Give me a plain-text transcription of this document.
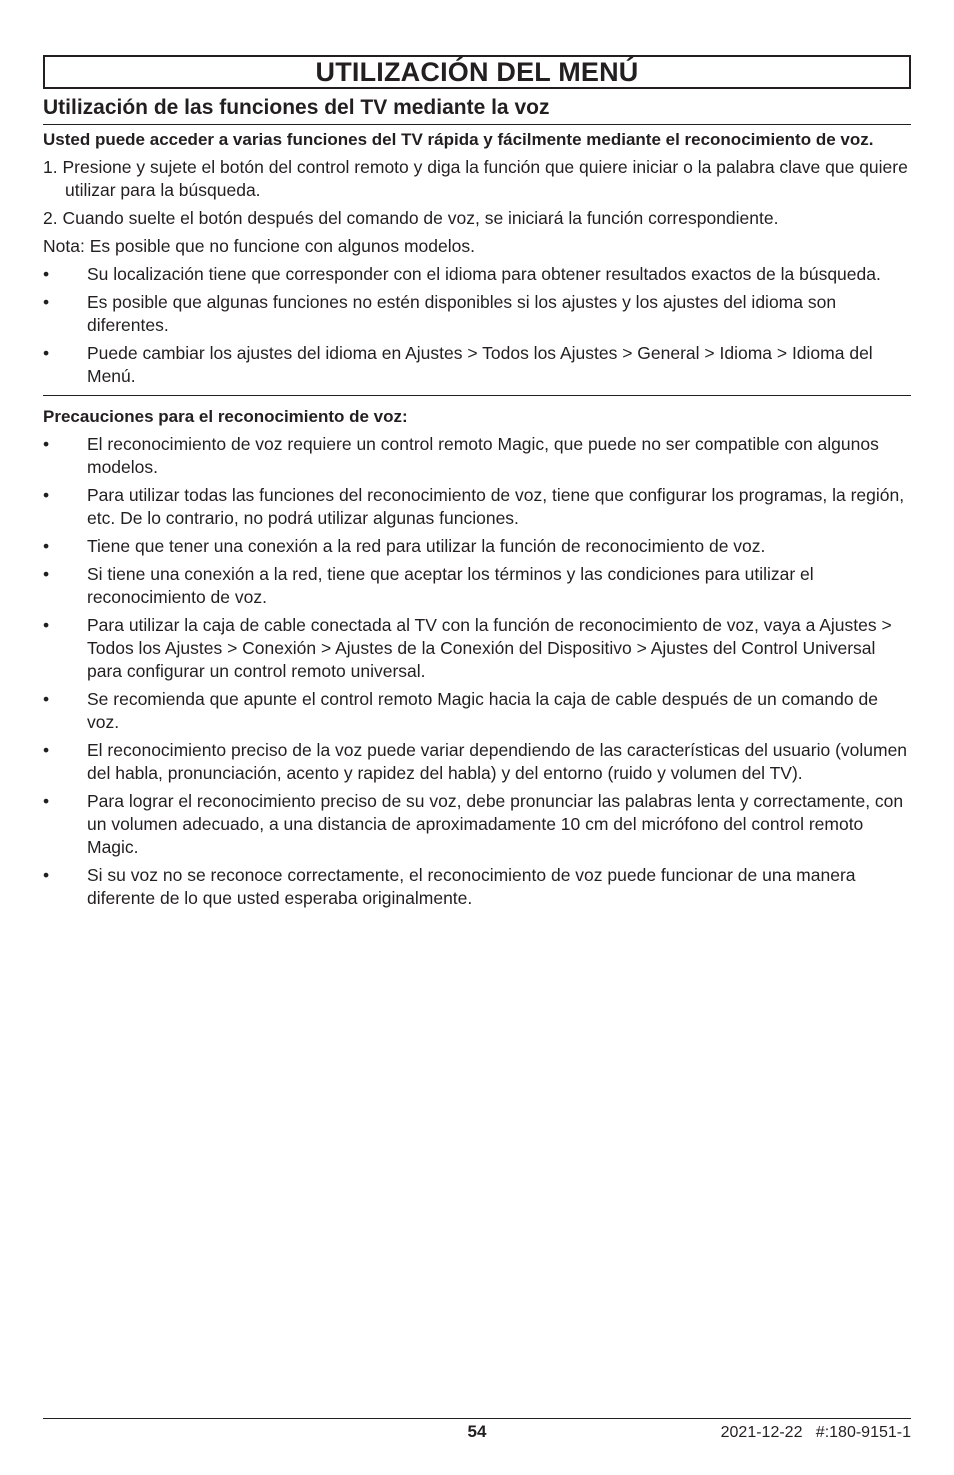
UTILIZACIÓN DEL MENÚ
Utilización de las funciones del TV mediante la voz
Usted puede acceder a varias funciones del TV rápida y fácilmente mediante el reconocimiento de voz.
1. Presione y sujete el botón del control remoto y diga la función que quiere iniciar o la palabra clave que quiere utilizar para la búsqueda.
2. Cuando suelte el botón después del comando de voz, se iniciará la función correspondiente.
Nota: Es posible que no funcione con algunos modelos.
• Su localización tiene que corresponder con el idioma para obtener resultados exactos de la búsqueda.
• Es posible que algunas funciones no estén disponibles si los ajustes y los ajustes del idioma son diferentes.
• Puede cambiar los ajustes del idioma en Ajustes > Todos los Ajustes > General > Idioma > Idioma del Menú.
Precauciones para el reconocimiento de voz:
• El reconocimiento de voz requiere un control remoto Magic, que puede no ser compatible con algunos modelos.
• Para utilizar todas las funciones del reconocimiento de voz, tiene que configurar los programas, la región, etc. De lo contrario, no podrá utilizar algunas funciones.
• Tiene que tener una conexión a la red para utilizar la función de reconocimiento de voz.
• Si tiene una conexión a la red, tiene que aceptar los términos y las condiciones para utilizar el reconocimiento de voz.
• Para utilizar la caja de cable conectada al TV con la función de reconocimiento de voz, vaya a Ajustes > Todos los Ajustes > Conexión > Ajustes de la Conexión del Dispositivo > Ajustes del Control Universal para configurar un control remoto universal.
• Se recomienda que apunte el control remoto Magic hacia la caja de cable después de un comando de voz.
• El reconocimiento preciso de la voz puede variar dependiendo de las características del usuario (volumen del habla, pronunciación, acento y rapidez del habla) y del entorno (ruido y volumen del TV).
• Para lograr el reconocimiento preciso de su voz, debe pronunciar las palabras lenta y correctamente, con un volumen adecuado, a una distancia de aproximadamente 10 cm del micrófono del control remoto Magic.
• Si su voz no se reconoce correctamente, el reconocimiento de voz puede funcionar de una manera diferente de lo que usted esperaba originalmente.
54	2021-12-22   #:180-9151-1
